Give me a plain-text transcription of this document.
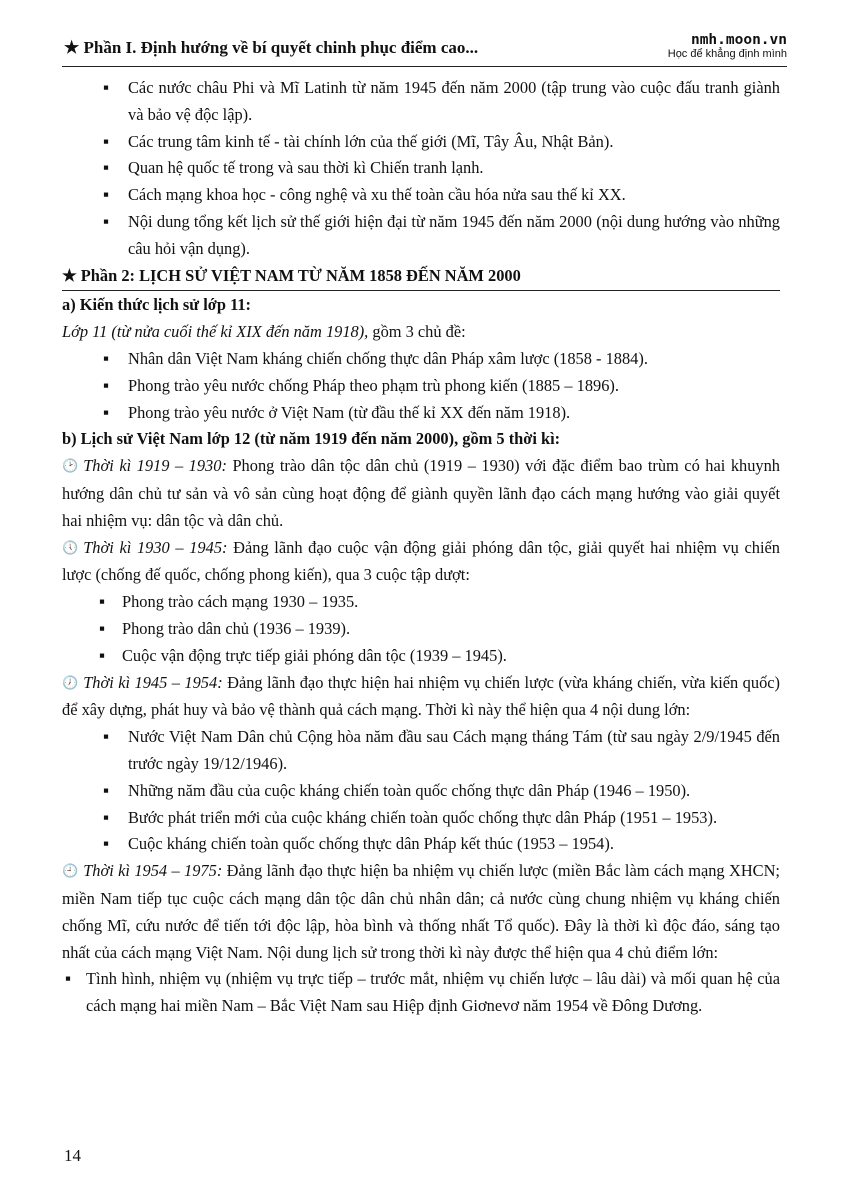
★ Phần I. Định hướng về bí quyết chinh phục điểm cao...	nmh.moon.vn
Học để khẳng định mình
▪ Các nước châu Phi và Mĩ Latinh từ năm 1945 đến năm 2000 (tập trung vào cuộc đấu tranh giành và bảo vệ độc lập).
▪ Các trung tâm kinh tế - tài chính lớn của thế giới (Mĩ, Tây Âu, Nhật Bản).
▪ Quan hệ quốc tế trong và sau thời kì Chiến tranh lạnh.
▪ Cách mạng khoa học - công nghệ và xu thế toàn cầu hóa nửa sau thế kỉ XX.
▪ Nội dung tổng kết lịch sử thế giới hiện đại từ năm 1945 đến năm 2000 (nội dung hướng vào những câu hỏi vận dụng).
★ Phần 2: LỊCH SỬ VIỆT NAM TỪ NĂM 1858 ĐẾN NĂM 2000
a) Kiến thức lịch sử lớp 11:
Lớp 11 (từ nửa cuối thế kỉ XIX đến năm 1918), gồm 3 chủ đề:
▪ Nhân dân Việt Nam kháng chiến chống thực dân Pháp xâm lược (1858 - 1884).
▪ Phong trào yêu nước chống Pháp theo phạm trù phong kiến (1885 – 1896).
▪ Phong trào yêu nước ở Việt Nam (từ đầu thế kỉ XX đến năm 1918).
b) Lịch sử Việt Nam lớp 12 (từ năm 1919 đến năm 2000), gồm 5 thời kì:
🕑 Thời kì 1919 – 1930: Phong trào dân tộc dân chủ (1919 – 1930) với đặc điểm bao trùm có hai khuynh hướng dân chủ tư sản và vô sản cùng hoạt động để giành quyền lãnh đạo cách mạng hướng vào giải quyết hai nhiệm vụ: dân tộc và dân chủ.
🕔 Thời kì 1930 – 1945: Đảng lãnh đạo cuộc vận động giải phóng dân tộc, giải quyết hai nhiệm vụ chiến lược (chống đế quốc, chống phong kiến), qua 3 cuộc tập dượt:
▪ Phong trào cách mạng 1930 – 1935.
▪ Phong trào dân chủ (1936 – 1939).
▪ Cuộc vận động trực tiếp giải phóng dân tộc (1939 – 1945).
🕖 Thời kì 1945 – 1954: Đảng lãnh đạo thực hiện hai nhiệm vụ chiến lược (vừa kháng chiến, vừa kiến quốc) để xây dựng, phát huy và bảo vệ thành quả cách mạng. Thời kì này thể hiện qua 4 nội dung lớn:
▪ Nước Việt Nam Dân chủ Cộng hòa năm đầu sau Cách mạng tháng Tám (từ sau ngày 2/9/1945 đến trước ngày 19/12/1946).
▪ Những năm đầu của cuộc kháng chiến toàn quốc chống thực dân Pháp (1946 – 1950).
▪ Bước phát triển mới của cuộc kháng chiến toàn quốc chống thực dân Pháp (1951 – 1953).
▪ Cuộc kháng chiến toàn quốc chống thực dân Pháp kết thúc (1953 – 1954).
🕘 Thời kì 1954 – 1975: Đảng lãnh đạo thực hiện ba nhiệm vụ chiến lược (miền Bắc làm cách mạng XHCN; miền Nam tiếp tục cuộc cách mạng dân tộc dân chủ nhân dân; cả nước cùng chung nhiệm vụ kháng chiến chống Mĩ, cứu nước để tiến tới độc lập, hòa bình và thống nhất Tổ quốc). Đây là thời kì độc đáo, sáng tạo nhất của cách mạng Việt Nam. Nội dung lịch sử trong thời kì này được thể hiện qua 4 chủ điểm lớn:
▪ Tình hình, nhiệm vụ (nhiệm vụ trực tiếp – trước mắt, nhiệm vụ chiến lược – lâu dài) và mối quan hệ của cách mạng hai miền Nam – Bắc Việt Nam sau Hiệp định Giơnevơ năm 1954 về Đông Dương.
14
